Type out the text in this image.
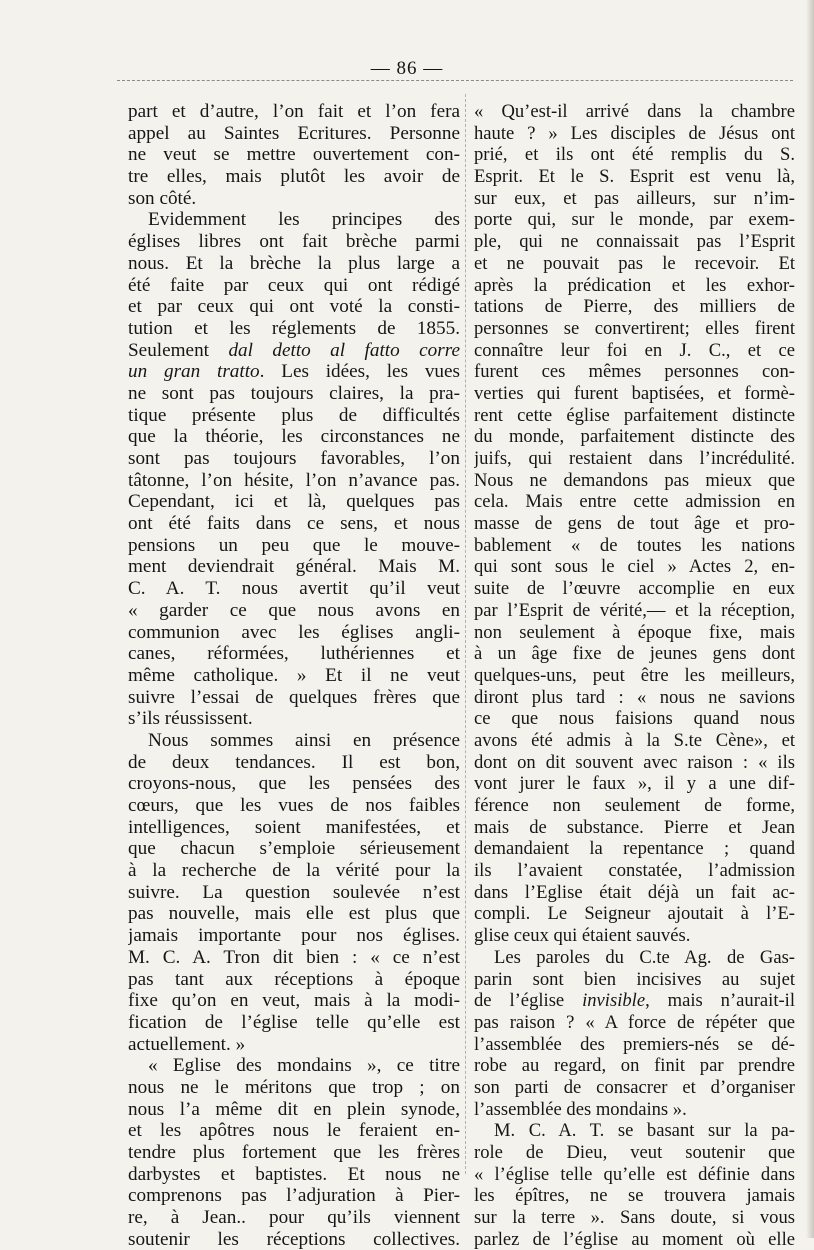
— 86 —
part et d’autre, l’on fait et l’on fera
appel au Saintes Ecritures. Personne
ne veut se mettre ouvertement con-
tre elles, mais plutôt les avoir de
son côté.
Evidemment les principes des
églises libres ont fait brèche parmi
nous. Et la brèche la plus large a
été faite par ceux qui ont rédigé
et par ceux qui ont voté la consti-
tution et les réglements de 1855.
Seulement dal detto al fatto corre
un gran tratto. Les idées, les vues
ne sont pas toujours claires, la pra-
tique présente plus de difficultés
que la théorie, les circonstances ne
sont pas toujours favorables, l’on
tâtonne, l’on hésite, l’on n’avance pas.
Cependant, ici et là, quelques pas
ont été faits dans ce sens, et nous
pensions un peu que le mouve-
ment deviendrait général. Mais M.
C. A. T. nous avertit qu’il veut
« garder ce que nous avons en
communion avec les églises angli-
canes, réformées, luthériennes et
même catholique. » Et il ne veut
suivre l’essai de quelques frères que
s’ils réussissent.
Nous sommes ainsi en présence
de deux tendances. Il est bon,
croyons-nous, que les pensées des
cœurs, que les vues de nos faibles
intelligences, soient manifestées, et
que chacun s’emploie sérieusement
à la recherche de la vérité pour la
suivre. La question soulevée n’est
pas nouvelle, mais elle est plus que
jamais importante pour nos églises.
M. C. A. Tron dit bien : « ce n’est
pas tant aux réceptions à époque
fixe qu’on en veut, mais à la modi-
fication de l’église telle qu’elle est
actuellement. »
« Eglise des mondains », ce titre
nous ne le méritons que trop ; on
nous l’a même dit en plein synode,
et les apôtres nous le feraient en-
tendre plus fortement que les frères
darbystes et baptistes. Et nous ne
comprenons pas l’adjuration à Pier-
re, à Jean.. pour qu’ils viennent
soutenir les réceptions collectives.
« Qu’est-il arrivé dans la chambre
haute ? » Les disciples de Jésus ont
prié, et ils ont été remplis du S.
Esprit. Et le S. Esprit est venu là,
sur eux, et pas ailleurs, sur n’im-
porte qui, sur le monde, par exem-
ple, qui ne connaissait pas l’Esprit
et ne pouvait pas le recevoir. Et
après la prédication et les exhor-
tations de Pierre, des milliers de
personnes se convertirent; elles firent
connaître leur foi en J. C., et ce
furent ces mêmes personnes con-
verties qui furent baptisées, et formè-
rent cette église parfaitement distincte
du monde, parfaitement distincte des
juifs, qui restaient dans l’incrédulité.
Nous ne demandons pas mieux que
cela. Mais entre cette admission en
masse de gens de tout âge et pro-
bablement « de toutes les nations
qui sont sous le ciel » Actes 2, en-
suite de l’œuvre accomplie en eux
par l’Esprit de vérité,— et la réception,
non seulement à époque fixe, mais
à un âge fixe de jeunes gens dont
quelques-uns, peut être les meilleurs,
diront plus tard : « nous ne savions
ce que nous faisions quand nous
avons été admis à la S.te Cène», et
dont on dit souvent avec raison : « ils
vont jurer le faux », il y a une dif-
férence non seulement de forme,
mais de substance. Pierre et Jean
demandaient la repentance ; quand
ils l’avaient constatée, l’admission
dans l’Eglise était déjà un fait ac-
compli. Le Seigneur ajoutait à l’E-
glise ceux qui étaient sauvés.
Les paroles du C.te Ag. de Gas-
parin sont bien incisives au sujet
de l’église invisible, mais n’aurait-il
pas raison ? « A force de répéter que
l’assemblée des premiers-nés se dé-
robe au regard, on finit par prendre
son parti de consacrer et d’organiser
l’assemblée des mondains ».
M. C. A. T. se basant sur la pa-
role de Dieu, veut soutenir que
« l’église telle qu’elle est définie dans
les épîtres, ne se trouvera jamais
sur la terre ». Sans doute, si vous
parlez de l’église au moment où elle
